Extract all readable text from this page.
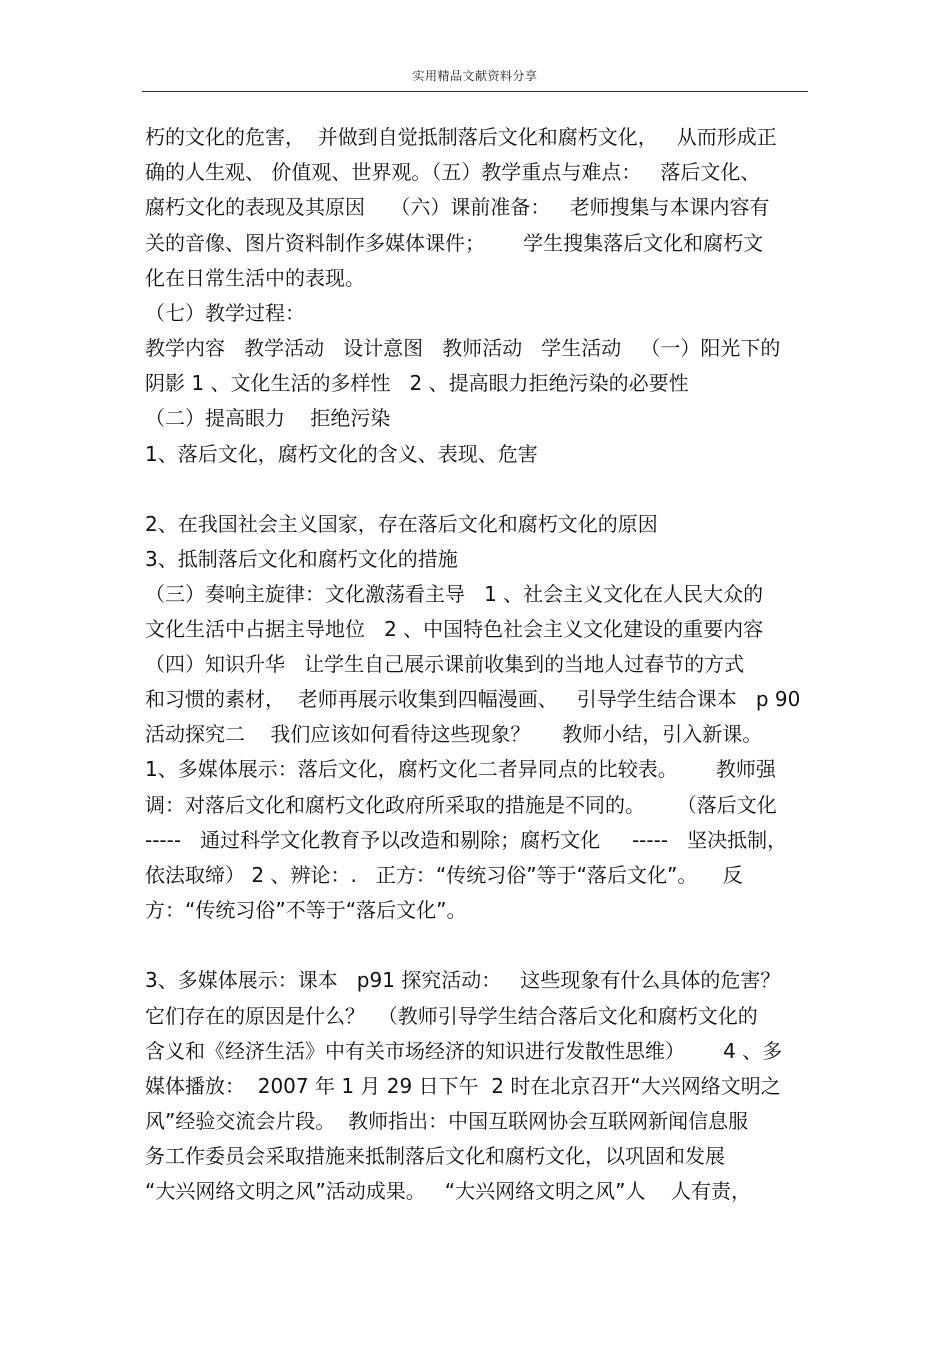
实用精品文献资料分享
朽的文化的危害，  并做到自觉抵制落后文化和腐朽文化，   从而形成正
确的人生观、 价值观、世界观。（五）教学重点与难点：   落后文化、
腐朽文化的表现及其原因    （六）课前准备：   老师搜集与本课内容有
关的音像、图片资料制作多媒体课件；      学生搜集落后文化和腐朽文
化在日常生活中的表现。
（七）教学过程：
教学内容   教学活动   设计意图   教师活动   学生活动   （一）阳光下的
阴影 1 、文化生活的多样性   2 、提高眼力拒绝污染的必要性
（二）提高眼力    拒绝污染
1、落后文化，腐朽文化的含义、表现、危害
2、在我国社会主义国家，存在落后文化和腐朽文化的原因
3、抵制落后文化和腐朽文化的措施
（三）奏响主旋律：文化激荡看主导   1 、社会主义文化在人民大众的
文化生活中占据主导地位   2 、中国特色社会主义文化建设的重要内容
（四）知识升华   让学生自己展示课前收集到的当地人过春节的方式
和习惯的素材，  老师再展示收集到四幅漫画、   引导学生结合课本   p 90
活动探究二    我们应该如何看待这些现象？     教师小结，引入新课。
1、多媒体展示：落后文化，腐朽文化二者异同点的比较表。      教师强
调：对落后文化和腐朽文化政府所采取的措施是不同的。     （落后文化
-----   通过科学文化教育予以改造和剔除；腐朽文化     -----   坚决抵制，
依法取缔） 2 、辨论：.   正方：“传统习俗”等于“落后文化”。    反
方：“传统习俗”不等于“落后文化”。
3、多媒体展示：课本   p91 探究活动：   这些现象有什么具体的危害？
它们存在的原因是什么？  （教师引导学生结合落后文化和腐朽文化的
含义和《经济生活》中有关市场经济的知识进行发散性思维）      4 、多
媒体播放：  2007 年 1 月 29 日下午  2 时在北京召开“大兴网络文明之
风”经验交流会片段。  教师指出：中国互联网协会互联网新闻信息服
务工作委员会采取措施来抵制落后文化和腐朽文化，以巩固和发展
“大兴网络文明之风”活动成果。   “大兴网络文明之风”人    人有责，
